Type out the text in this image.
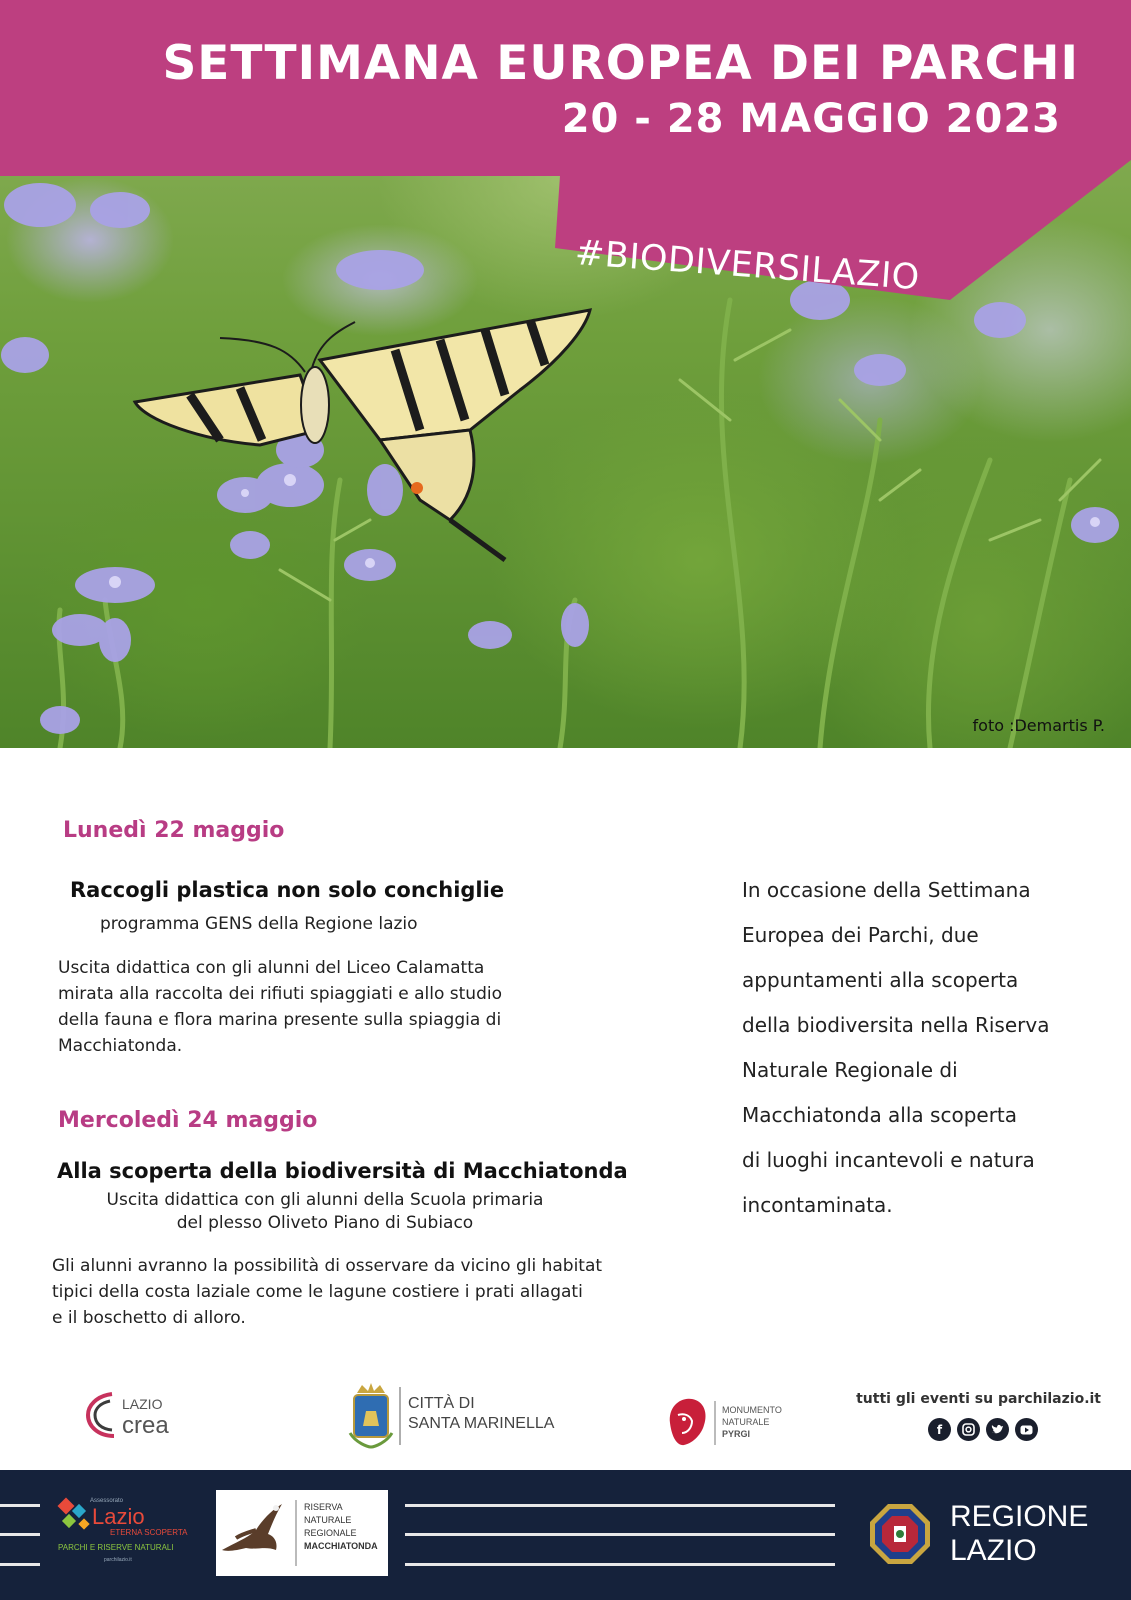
SETTIMANA EUROPEA DEI PARCHI
20 - 28 MAGGIO 2023
#BIODIVERSILAZIO
foto :Demartis P.
Lunedì 22 maggio
Raccogli plastica non solo conchiglie
programma GENS della Regione lazio
Uscita didattica con gli alunni del Liceo Calamatta
mirata alla raccolta dei rifiuti spiaggiati e allo studio
della fauna e flora marina presente sulla spiaggia di
Macchiatonda.
Mercoledì 24 maggio
Alla scoperta della biodiversità di Macchiatonda
Uscita didattica con gli alunni della Scuola primaria
del plesso Oliveto Piano di Subiaco
Gli alunni avranno la possibilità di osservare da vicino gli habitat
tipici della costa laziale come le lagune costiere i prati allagati
e il boschetto di alloro.
In occasione della Settimana
Europea dei Parchi, due
appuntamenti alla scoperta
della biodiversita nella Riserva
Naturale Regionale di
Macchiatonda alla scoperta
di luoghi incantevoli e natura
incontaminata.
LAZIO
crea
CITTÀ DI
SANTA MARINELLA
MONUMENTO
NATURALE
PYRGI
tutti gli eventi su parchilazio.it
f
Assessorato
Lazio
ETERNA SCOPERTA
PARCHI E RISERVE NATURALI
parchilazio.it
RISERVA
NATURALE
REGIONALE
MACCHIATONDA
REGIONE
LAZIO
